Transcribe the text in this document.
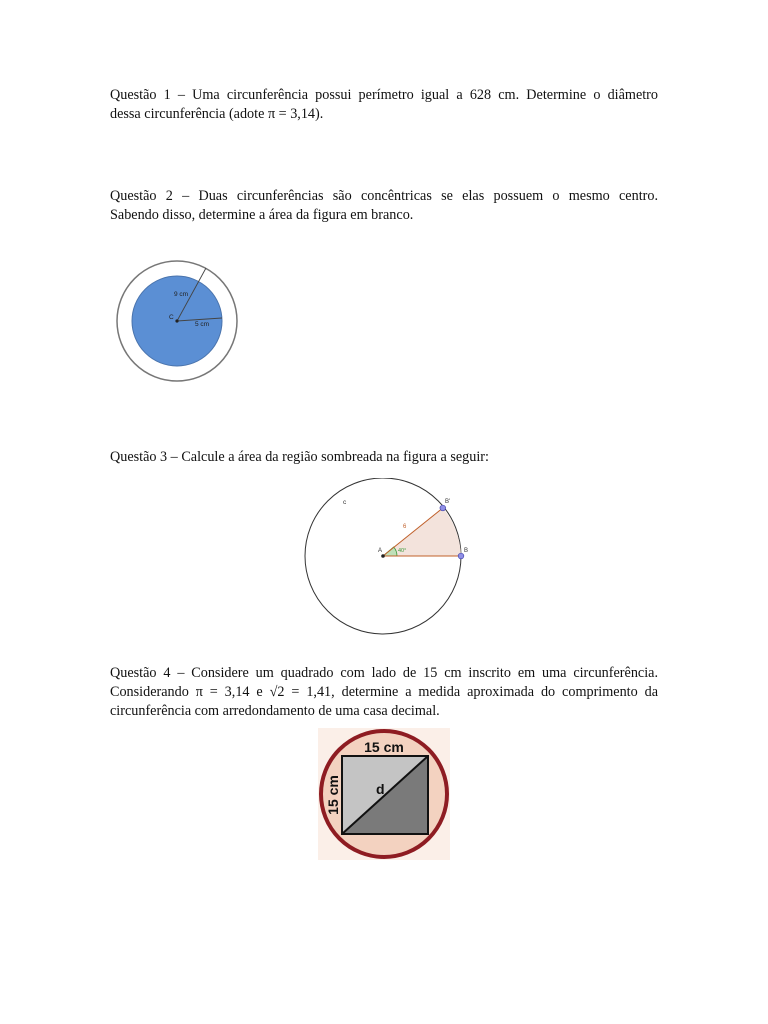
Questão 1 – Uma circunferência possui perímetro igual a 628 cm. Determine o diâmetro

dessa circunferência (adote π = 3,14).

Questão 2 – Duas circunferências são concêntricas se elas possuem o mesmo centro.

Sabendo disso, determine a área da figura em branco.

9 cm
5 cm
C

Questão 3 – Calcule a área da região sombreada na figura a seguir:

c
A	B
B'
6
40°

Questão 4 – Considere um quadrado com lado de 15 cm inscrito em uma circunferência.

Considerando π = 3,14 e √2 = 1,41, determine a medida aproximada do comprimento da

circunferência com arredondamento de uma casa decimal.

15 cm
15 cm	d
